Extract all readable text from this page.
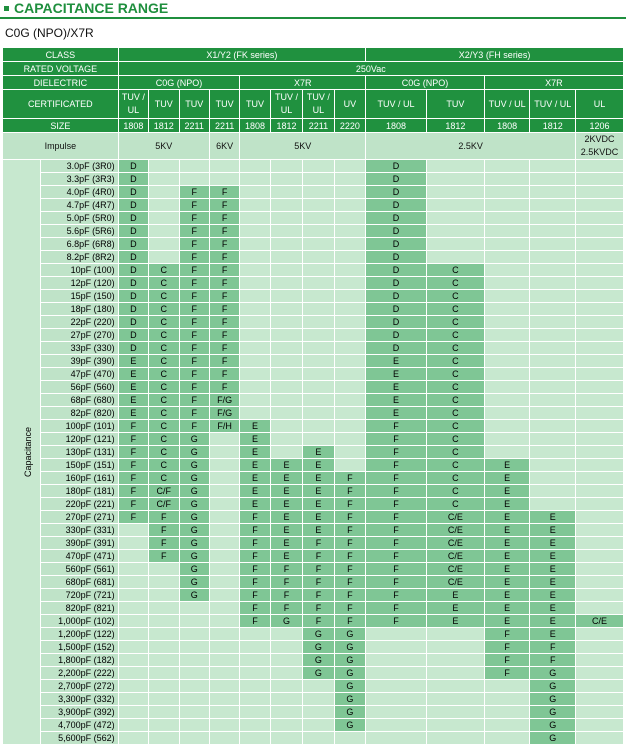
CAPACITANCE RANGE
C0G (NPO)/X7R
CLASS		X1/Y2 (FK series)								X2/Y3 (FH series)				
RATED VOLTAGE		250Vac												
DIELECTRIC		C0G (NPO)				X7R				C0G (NPO)		X7R		
CERTIFICATED		TUV / UL	TUV	TUV	TUV	TUV	TUV / UL	TUV / UL	UV	TUV / UL	TUV	TUV / UL	TUV / UL	UL
SIZE		1808	1812	2211	2211	1808	1812	2211	2220	1808	1812	1808	1812	1206
Impulse		5KV			6KV	5KV				2.5KV				2KVDC 2.5KVDC
Capacitance	3.0pF (3R0)	D								D				
	3.3pF (3R3)	D								D				
	4.0pF (4R0)	D		F	F					D				
	4.7pF (4R7)	D		F	F					D				
	5.0pF (5R0)	D		F	F					D				
	5.6pF (5R6)	D		F	F					D				
	6.8pF (6R8)	D		F	F					D				
	8.2pF (8R2)	D		F	F					D				
	10pF (100)	D	C	F	F					D	C			
	12pF (120)	D	C	F	F					D	C			
	15pF (150)	D	C	F	F					D	C			
	18pF (180)	D	C	F	F					D	C			
	22pF (220)	D	C	F	F					D	C			
	27pF (270)	D	C	F	F					D	C			
	33pF (330)	D	C	F	F					D	C			
	39pF (390)	E	C	F	F					E	C			
	47pF (470)	E	C	F	F					E	C			
	56pF (560)	E	C	F	F					E	C			
	68pF (680)	E	C	F	F/G					E	C			
	82pF (820)	E	C	F	F/G					E	C			
	100pF (101)	F	C	F	F/H	E				F	C			
	120pF (121)	F	C	G		E				F	C			
	130pF (131)	F	C	G		E		E		F	C			
	150pF (151)	F	C	G		E	E	E		F	C	E		
	160pF (161)	F	C	G		E	E	E	F	F	C	E		
	180pF (181)	F	C/F	G		E	E	E	F	F	C	E		
	220pF (221)	F	C/F	G		E	E	E	F	F	C	E		
	270pF (271)	F	F	G		F	E	E	F	F	C/E	E	E	
	330pF (331)		F	G		F	E	E	F	F	C/E	E	E	
	390pF (391)		F	G		F	E	F	F	F	C/E	E	E	
	470pF (471)		F	G		F	E	F	F	F	C/E	E	E	
	560pF (561)			G		F	F	F	F	F	C/E	E	E	
	680pF (681)			G		F	F	F	F	F	C/E	E	E	
	720pF (721)			G		F	F	F	F	F	E	E	E	
	820pF (821)					F	F	F	F	F	E	E	E	
	1,000pF (102)					F	G	F	F	F	E	E	E	C/E
	1,200pF (122)							G	G			F	E	
	1,500pF (152)							G	G			F	F	
	1,800pF (182)							G	G			F	F	
	2,200pF (222)							G	G			F	G	
	2,700pF (272)								G				G	
	3,300pF (332)								G				G	
	3,900pF (392)								G				G	
	4,700pF (472)								G				G	
	5,600pF (562)												G	
